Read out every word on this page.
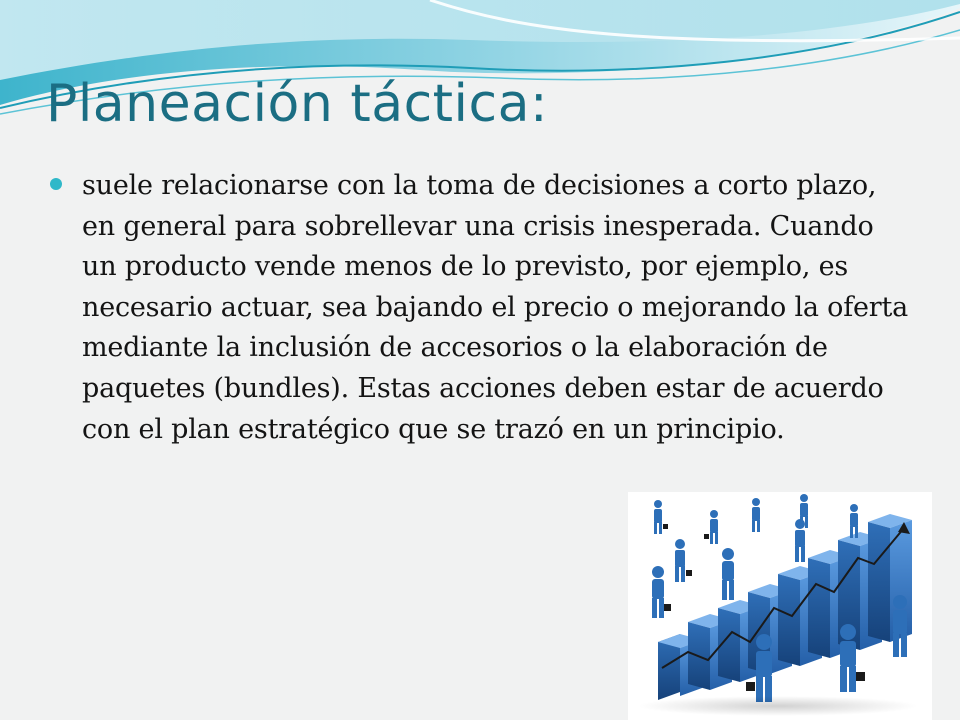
Planeación táctica:

suele relacionarse con la toma de decisiones a corto plazo, en general para sobrellevar una crisis inesperada. Cuando un producto vende menos de lo previsto, por ejemplo, es necesario actuar, sea bajando el precio o mejorando la oferta mediante la inclusión de accesorios o la elaboración de paquetes (bundles). Estas acciones deben estar de acuerdo con el plan estratégico que se trazó en un principio.
